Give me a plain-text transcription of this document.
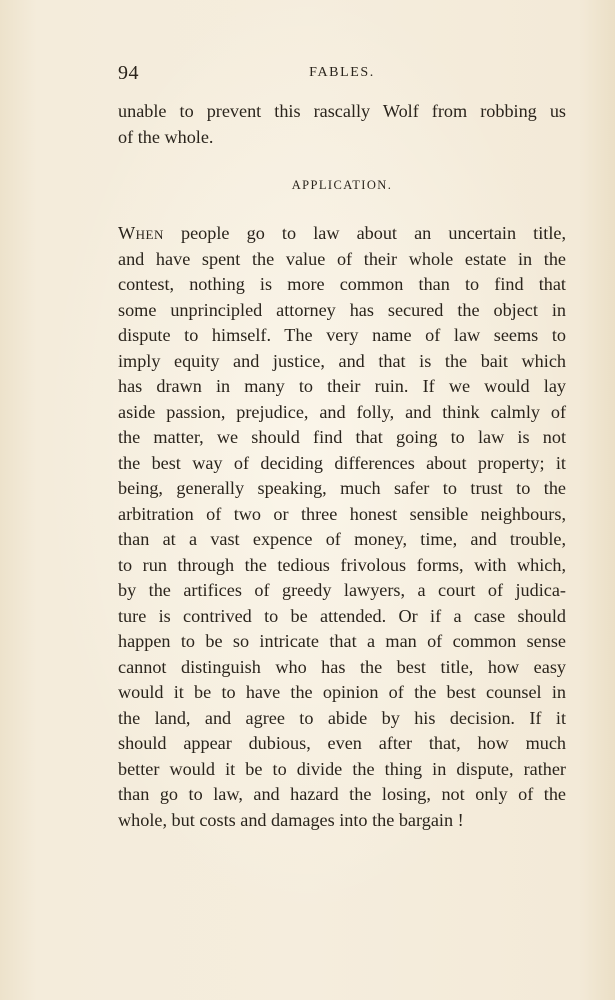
94	FABLES.
unable to prevent this rascally Wolf from robbing us
of the whole.
APPLICATION.
When people go to law about an uncertain title,
and have spent the value of their whole estate in the
contest, nothing is more common than to find that
some unprincipled attorney has secured the object in
dispute to himself. The very name of law seems to
imply equity and justice, and that is the bait which
has drawn in many to their ruin. If we would lay
aside passion, prejudice, and folly, and think calmly of
the matter, we should find that going to law is not
the best way of deciding differences about property; it
being, generally speaking, much safer to trust to the
arbitration of two or three honest sensible neighbours,
than at a vast expence of money, time, and trouble,
to run through the tedious frivolous forms, with which,
by the artifices of greedy lawyers, a court of judica-
ture is contrived to be attended. Or if a case should
happen to be so intricate that a man of common sense
cannot distinguish who has the best title, how easy
would it be to have the opinion of the best counsel in
the land, and agree to abide by his decision. If it
should appear dubious, even after that, how much
better would it be to divide the thing in dispute, rather
than go to law, and hazard the losing, not only of the
whole, but costs and damages into the bargain !
